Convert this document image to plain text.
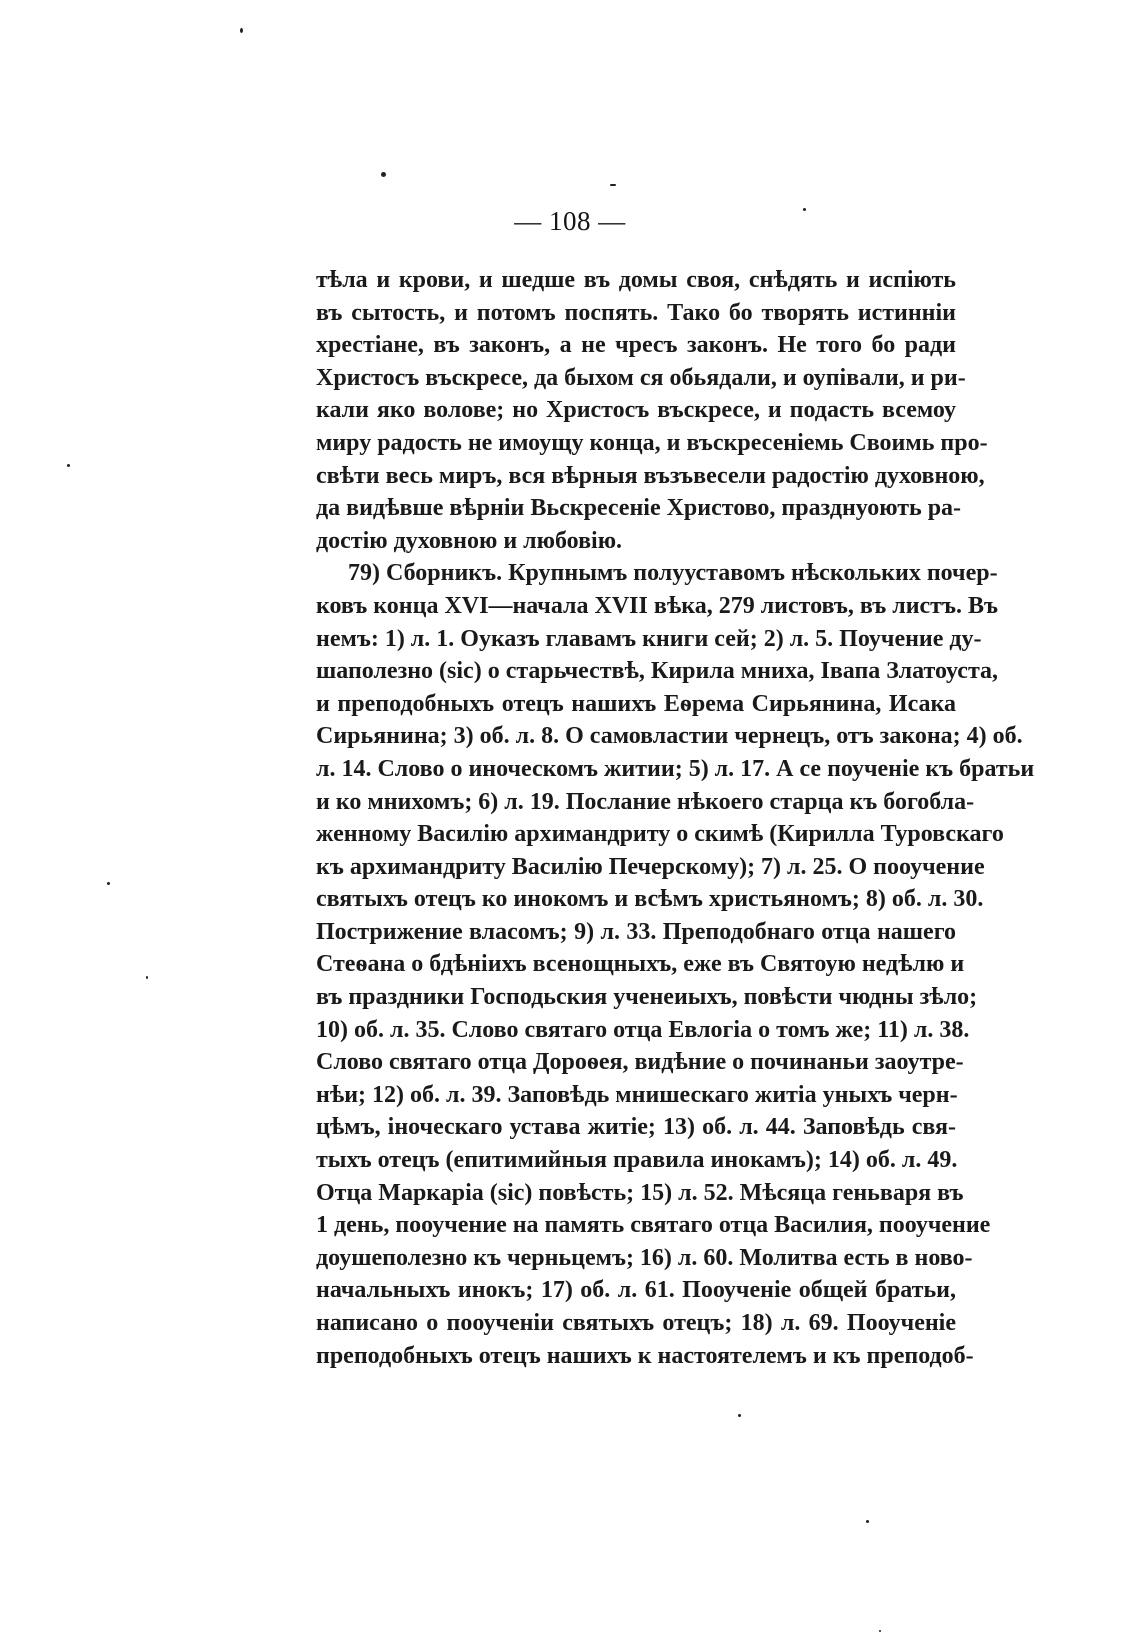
— 108 —
тѣла и крови, и шедше въ домы своя, снѣдять и испіють
въ сытость, и потомъ поспять. Тако бо творять истинніи
хрестіане, въ законъ, а не чресъ законъ. Не того бо ради
Христосъ въскресе, да быхом ся обьядали, и оупівали, и ри-
кали яко волове; но Христосъ въскресе, и подасть всемоу
миру радость не имоущу конца, и въскресеніемь Своимь про-
свѣти весь миръ, вся вѣрныя възъвесели радостію духовною,
да видѣвше вѣрніи Вьскресеніе Христово, празднуоють ра-
достію духовною и любовію.
79) Сборникъ. Крупнымъ полууставомъ нѣскольких почер-
ковъ конца XVI—начала XVII вѣка, 279 листовъ, въ листъ. Въ
немъ: 1) л. 1. Оуказъ главамъ книги сей; 2) л. 5. Поучение ду-
шаполезно (sic) о старьчествѣ, Кирила мниха, Івапа Златоуста,
и преподобныхъ отецъ нашихъ Еѳрема Сирьянина, Исака
Сирьянина; 3) об. л. 8. О самовластии чернецъ, отъ закона; 4) об.
л. 14. Слово о иноческомъ житии; 5) л. 17. А се поученіе къ братьи
и ко мнихомъ; 6) л. 19. Послание нѣкоего старца къ богобла-
женному Василію архимандриту о скимѣ (Кирилла Туровскаго
къ архимандриту Василію Печерскому); 7) л. 25. О пооучение
святыхъ отецъ ко инокомъ и всѣмъ христьяномъ; 8) об. л. 30.
Пострижение власомъ; 9) л. 33. Преподобнаго отца нашего
Стеѳана о бдѣніихъ всенощныхъ, еже въ Святоую недѣлю и
въ праздники Господьския ученеиыхъ, повѣсти чюдны зѣло;
10) об. л. 35. Слово святаго отца Евлогіа о томъ же; 11) л. 38.
Слово святаго отца Дороѳея, видѣние о починаньи заоутре-
нѣи; 12) об. л. 39. Заповѣдь мнишескаго житіа уныхъ черн-
цѣмъ, іноческаго устава житіе; 13) об. л. 44. Заповѣдь свя-
тыхъ отецъ (епитимийныя правила инокамъ); 14) об. л. 49.
Отца Маркаріа (sic) повѣсть; 15) л. 52. Мѣсяца геньваря въ
1 день, пооучение на память святаго отца Василия, пооучение
доушеполезно къ черньцемъ; 16) л. 60. Молитва есть в ново-
начальныхъ инокъ; 17) об. л. 61. Пооученіе общей братьи,
написано о пооученіи святыхъ отецъ; 18) л. 69. Пооученіе
преподобныхъ отецъ нашихъ к настоятелемъ и къ преподоб-
